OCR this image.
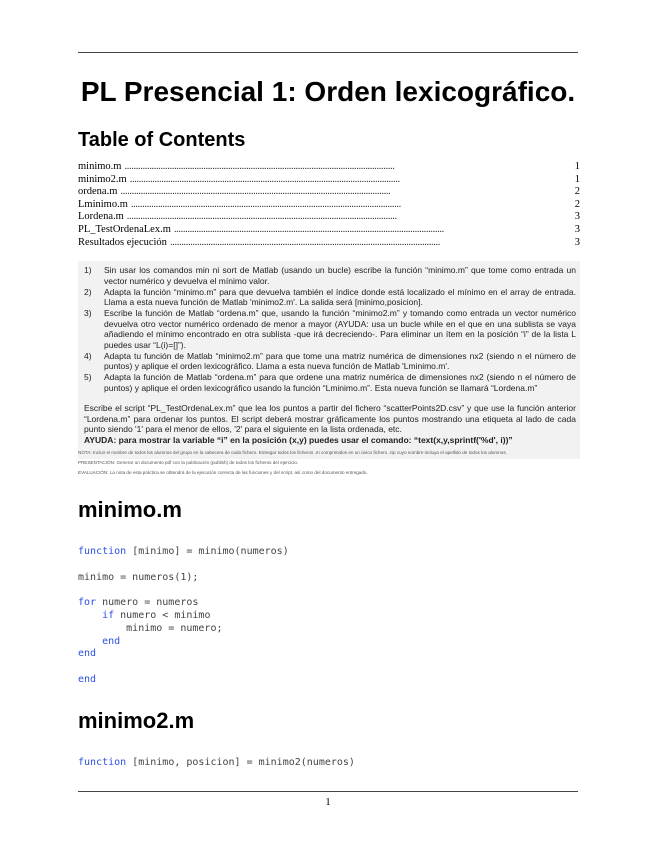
PL Presencial 1: Orden lexicográfico.
Table of Contents
minimo.m . . .	1
minimo2.m . . .	1
ordena.m . . .	2
Lminimo.m . . .	2
Lordena.m . . .	3
PL_TestOrdenaLex.m . . .	3
Resultados ejecución . . .	3
1)	Sin usar los comandos min ni sort de Matlab (usando un bucle) escribe la función “minimo.m” que tome como entrada un vector numérico y devuelva el mínimo valor.
2)	Adapta la función “minimo.m” para que devuelva también el índice donde está localizado el mínimo en el array de entrada. Llama a esta nueva función de Matlab 'minimo2.m'. La salida será [minimo,posicion].
3)	Escribe la función de Matlab “ordena.m” que, usando la función “minimo2.m” y tomando como entrada un vector numérico devuelva otro vector numérico ordenado de menor a mayor (AYUDA: usa un bucle while en el que en una sublista se vaya añadiendo el mínimo encontrado en otra sublista -que irá decreciendo-. Para eliminar un ítem en la posición “i” de la lista L puedes usar “L(i)=[]”).
4)	Adapta tu función de Matlab “minimo2.m” para que tome una matriz numérica de dimensiones nx2 (siendo n el número de puntos) y aplique el orden lexicográfico. Llama a esta nueva función de Matlab 'Lminimo.m'.
5)	Adapta la función de Matlab “ordena.m” para que ordene una matriz numérica de dimensiones nx2 (siendo n el número de puntos) y aplique el orden lexicográfico usando la función “Lminimo.m”. Esta nueva función se llamará “Lordena.m”

Escribe el script “PL_TestOrdenaLex.m” que lea los puntos a partir del fichero “scatterPoints2D.csv” y que use la función anterior “Lordena.m” para ordenar los puntos. El script deberá mostrar gráficamente los puntos mostrando una etiqueta al lado de cada punto siendo '1' para el menor de ellos, '2' para el siguiente en la lista ordenada, etc.
AYUDA: para mostrar la variable “i” en la posición (x,y) puedes usar el comando: “text(x,y,sprintf('%d', i))”

NOTA: Incluir el nombre de todos los alumnos del grupo en la cabecera de cada fichero. Entregar todos los ficheros .m comprimidos en un único fichero .zip cuyo nombre incluya el apellido de todos los alumnos.

PRESENTACIÓN: Generar un documento pdf con la publicación (publish) de todos los ficheros del ejercicio.

EVALUACIÓN: La nota de esta práctica se obtendrá de la ejecución correcta de las funciones y del script, así como del documento entregado.

minimo.m
function [minimo] = minimo(numeros)

minimo = numeros(1);

for numero = numeros
if numero < minimo
minimo = numero;
end
end

end
minimo2.m
function [minimo, posicion] = minimo2(numeros)
1
